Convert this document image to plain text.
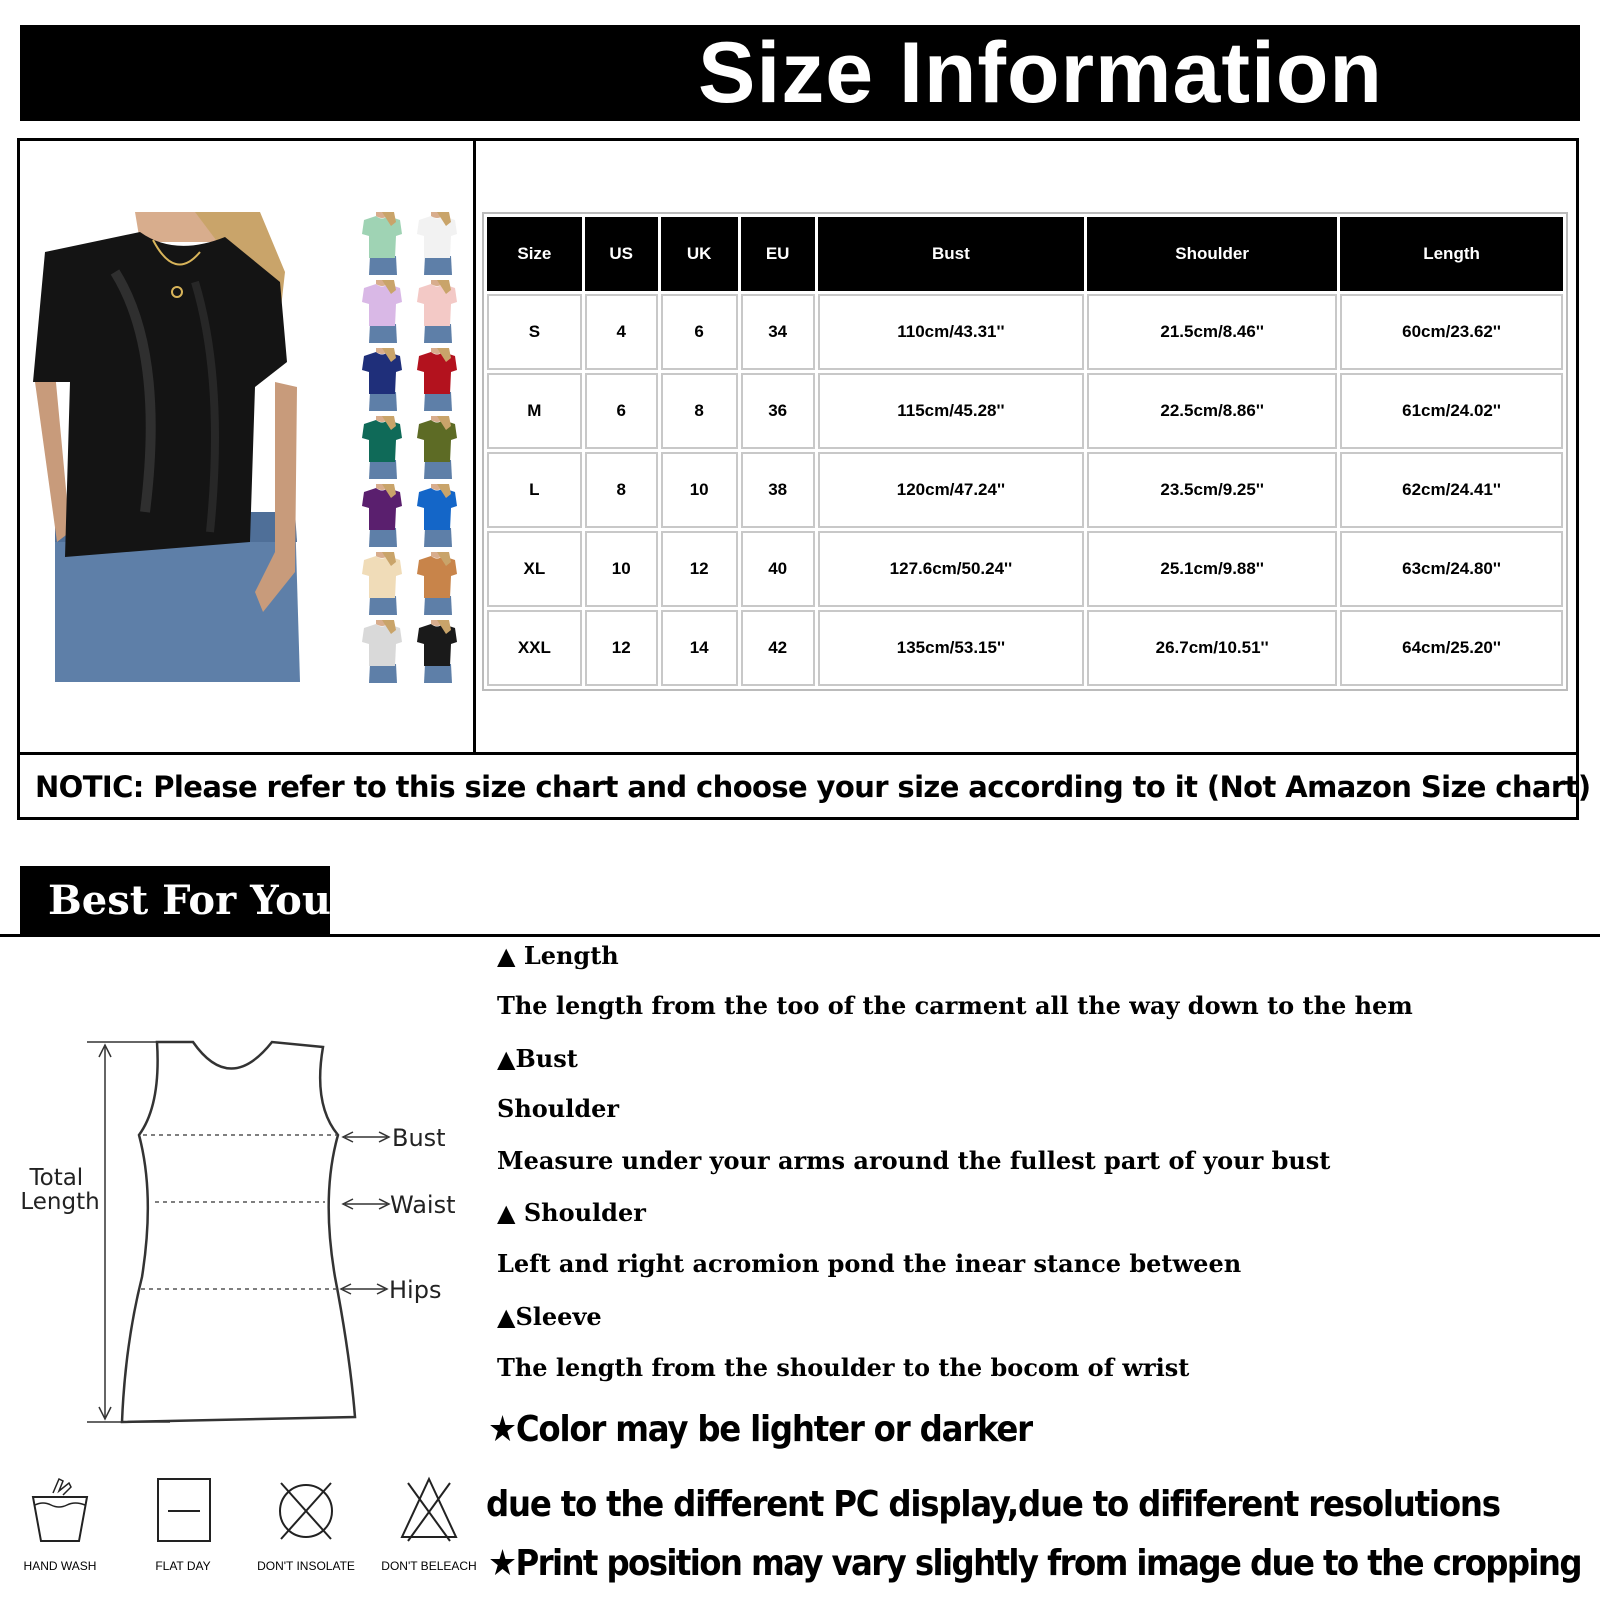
Size Information
Size	US	UK	EU	Bust	Shoulder	Length
S	4	6	34	110cm/43.31''	21.5cm/8.46''	60cm/23.62''
M	6	8	36	115cm/45.28''	22.5cm/8.86''	61cm/24.02''
L	8	10	38	120cm/47.24''	23.5cm/9.25''	62cm/24.41''
XL	10	12	40	127.6cm/50.24''	25.1cm/9.88''	63cm/24.80''
XXL	12	14	42	135cm/53.15''	26.7cm/10.51''	64cm/25.20''
NOTIC: Please refer to this size chart and choose your size according to it (Not Amazon Size chart)
Best For You
Total Length
Bust
Waist
Hips
HAND WASH	FLAT DAY	DON'T INSOLATE	DON'T BELEACH
▲ Length
The length from the too of the carment all the way down to the hem
▲Bust
Shoulder
Measure under your arms around the fullest part of your bust
▲ Shoulder
Left and right acromion pond the inear stance between
▲Sleeve
The length from the shoulder to the bocom of wrist
★Color may be lighter or darker
due to the different PC display,due to dififerent resolutions
★Print position may vary slightly from image due to the cropping
